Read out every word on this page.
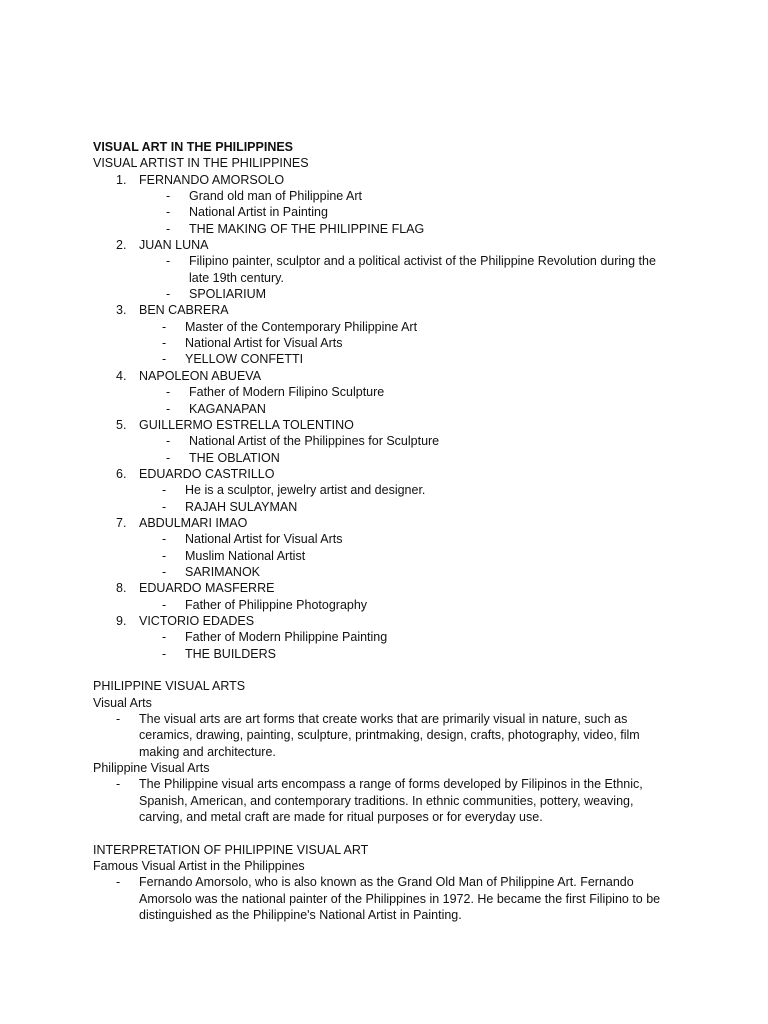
VISUAL ART IN THE PHILIPPINES
VISUAL ARTIST IN THE PHILIPPINES
1. FERNANDO AMORSOLO
- Grand old man of Philippine Art
- National Artist in Painting
- THE MAKING OF THE PHILIPPINE FLAG
2. JUAN LUNA
- Filipino painter, sculptor and a political activist of the Philippine Revolution during the late 19th century.
- SPOLIARIUM
3. BEN CABRERA
- Master of the Contemporary Philippine Art
- National Artist for Visual Arts
- YELLOW CONFETTI
4. NAPOLEON ABUEVA
- Father of Modern Filipino Sculpture
- KAGANAPAN
5. GUILLERMO ESTRELLA TOLENTINO
- National Artist of the Philippines for Sculpture
- THE OBLATION
6. EDUARDO CASTRILLO
- He is a sculptor, jewelry artist and designer.
- RAJAH SULAYMAN
7. ABDULMARI IMAO
- National Artist for Visual Arts
- Muslim National Artist
- SARIMANOK
8. EDUARDO MASFERRE
- Father of Philippine Photography
9. VICTORIO EDADES
- Father of Modern Philippine Painting
- THE BUILDERS
PHILIPPINE VISUAL ARTS
Visual Arts
- The visual arts are art forms that create works that are primarily visual in nature, such as ceramics, drawing, painting, sculpture, printmaking, design, crafts, photography, video, film making and architecture.
Philippine Visual Arts
- The Philippine visual arts encompass a range of forms developed by Filipinos in the Ethnic, Spanish, American, and contemporary traditions. In ethnic communities, pottery, weaving, carving, and metal craft are made for ritual purposes or for everyday use.
INTERPRETATION OF PHILIPPINE VISUAL ART
Famous Visual Artist in the Philippines
- Fernando Amorsolo, who is also known as the Grand Old Man of Philippine Art. Fernando Amorsolo was the national painter of the Philippines in 1972. He became the first Filipino to be distinguished as the Philippine's National Artist in Painting.
